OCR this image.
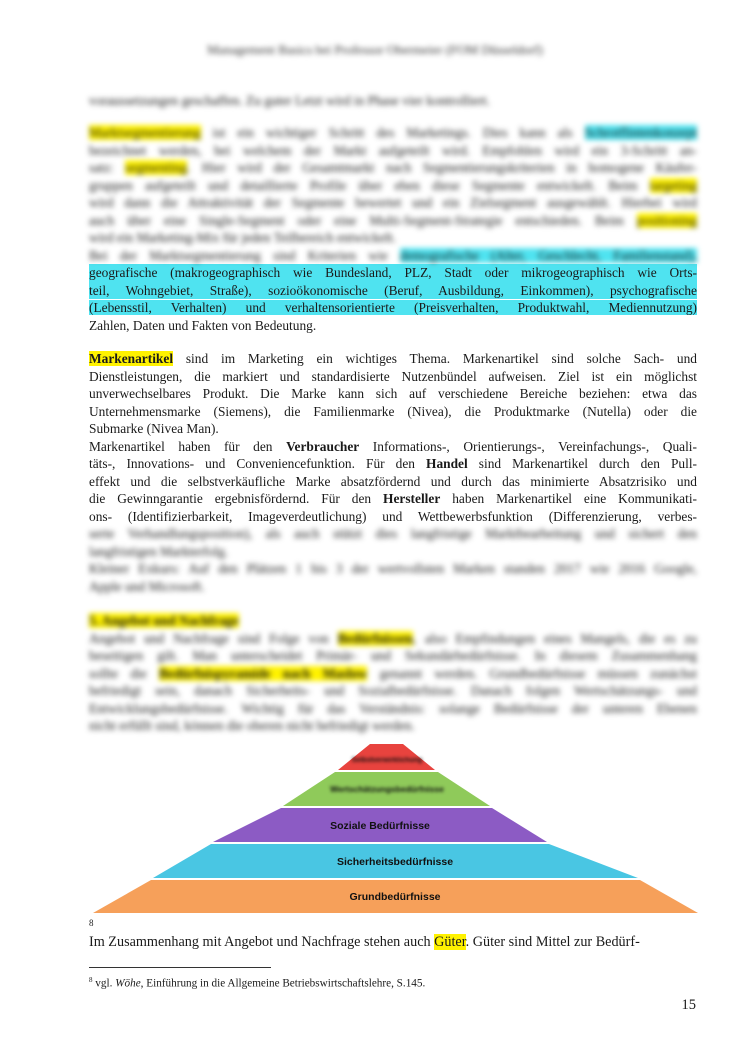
Management Basics bei Professor Obermeier (FOM Düsseldorf)

voraussetzungen geschaffen. Zu guter Letzt wird in Phase vier kontrolliert.

Marktsegmentierung ist ein wichtiger Schritt des Marketings. Dies kann als Schrotflintenkonzept
bezeichnet werden, bei welchem der Markt aufgeteilt wird. Empfohlen wird ein 3-Schritt an-
satz: segmenting. Hier wird der Gesamtmarkt nach Segmentierungskriterien in homogene Käufer-
gruppen aufgeteilt und detaillierte Profile über eben diese Segmente entwickelt. Beim targeting
wird dann die Attraktivität der Segmente bewertet und ein Zielsegment ausgewählt. Hierbei wird
auch über eine Single-Segment oder eine Multi-Segment-Strategie entschieden. Beim positioning
wird ein Marketing-Mix für jeden Teilbereich entwickelt.
Bei der Marktsegmentierung sind Kriterien wie demografische (Alter, Geschlecht, Familienstand),
geografische (makrogeographisch wie Bundesland, PLZ, Stadt oder mikrogeographisch wie Orts-
teil, Wohngebiet, Straße), sozioökonomische (Beruf, Ausbildung, Einkommen), psychografische
(Lebensstil, Verhalten) und verhaltensorientierte (Preisverhalten, Produktwahl, Mediennutzung)
Zahlen, Daten und Fakten von Bedeutung.
Markenartikel sind im Marketing ein wichtiges Thema. Markenartikel sind solche Sach- und
Dienstleistungen, die markiert und standardisierte Nutzenbündel aufweisen. Ziel ist ein möglichst
unverwechselbares Produkt. Die Marke kann sich auf verschiedene Bereiche beziehen: etwa das
Unternehmensmarke (Siemens), die Familienmarke (Nivea), die Produktmarke (Nutella) oder die
Submarke (Nivea Man).
Markenartikel haben für den Verbraucher Informations-, Orientierungs-, Vereinfachungs-, Quali-
täts-, Innovations- und Conveniencefunktion. Für den Handel sind Markenartikel durch den Pull-
effekt und die selbstverkäufliche Marke absatzfördernd und durch das minimierte Absatzrisiko und
die Gewinngarantie ergebnisfördernd. Für den Hersteller haben Markenartikel eine Kommunikati-
ons- (Identifizierbarkeit, Imageverdeutlichung) und Wettbewerbsfunktion (Differenzierung, verbes-
serte Verhandlungsposition), als auch stützt dies langfristige Marktbearbeitung und sichert den
langfristigen Markterfolg.
Kleiner Exkurs: Auf den Plätzen 1 bis 3 der wertvollsten Marken standen 2017 wie 2016 Google,
Apple und Microsoft.
5. Angebot und Nachfrage
Angebot und Nachfrage sind Folge von Bedürfnissen, also Empfindungen eines Mangels, die es zu
beseitigen gilt. Man unterscheidet Primär- und Sekundärbedürfnisse. In diesem Zusammenhang
sollte die Bedürfnispyramide nach Maslow genannt werden. Grundbedürfnisse müssen zunächst
befriedigt sein, danach Sicherheits- und Sozialbedürfnisse. Danach folgen Wertschätzungs- und
Entwicklungsbedürfnisse. Wichtig für das Verständnis: solange Bedürfnisse der unteren Ebenen
nicht erfüllt sind, können die oberen nicht befriedigt werden.
Selbstverwirklichung
Wertschätzungsbedürfnisse
Soziale Bedürfnisse
Sicherheitsbedürfnisse
Grundbedürfnisse
8
Im Zusammenhang mit Angebot und Nachfrage stehen auch Güter. Güter sind Mittel zur Bedürf-
$^8$ vgl. Wöhe, Einführung in die Allgemeine Betriebswirtschaftslehre, S.145.
15
